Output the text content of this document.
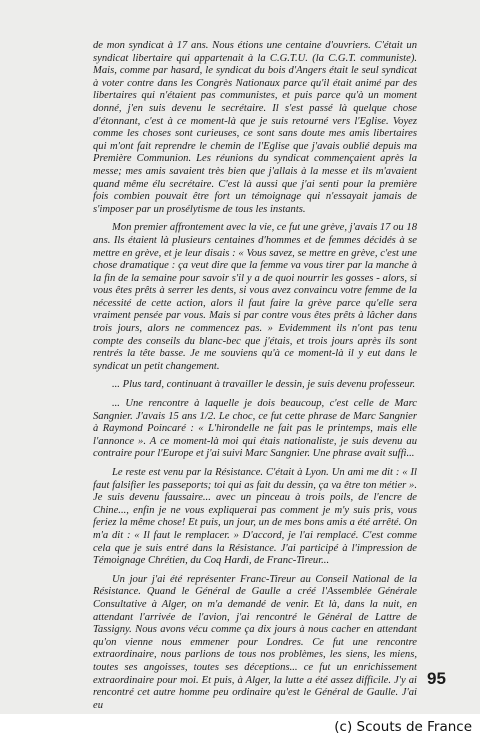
de mon syndicat à 17 ans. Nous étions une centaine d'ouvriers. C'était un syndicat libertaire qui appartenait à la C.G.T.U. (la C.G.T. communiste). Mais, comme par hasard, le syndicat du bois d'Angers était le seul syndicat à voter contre dans les Congrès Nationaux parce qu'il était animé par des libertaires qui n'étaient pas communistes, et puis parce qu'à un moment donné, j'en suis devenu le secrétaire. Il s'est passé là quelque chose d'étonnant, c'est à ce moment-là que je suis retourné vers l'Eglise. Voyez comme les choses sont curieuses, ce sont sans doute mes amis libertaires qui m'ont fait reprendre le chemin de l'Eglise que j'avais oublié depuis ma Première Communion. Les réunions du syndicat commençaient après la messe; mes amis savaient très bien que j'allais à la messe et ils m'avaient quand même élu secrétaire. C'est là aussi que j'ai senti pour la première fois combien pouvait être fort un témoignage qui n'essayait jamais de s'imposer par un prosélytisme de tous les instants.

Mon premier affrontement avec la vie, ce fut une grève, j'avais 17 ou 18 ans. Ils étaient là plusieurs centaines d'hommes et de femmes décidés à se mettre en grève, et je leur disais : « Vous savez, se mettre en grève, c'est une chose dramatique : ça veut dire que la femme va vous tirer par la manche à la fin de la semaine pour savoir s'il y a de quoi nourrir les gosses - alors, si vous êtes prêts à serrer les dents, si vous avez convaincu votre femme de la nécessité de cette action, alors il faut faire la grève parce qu'elle sera vraiment pensée par vous. Mais si par contre vous êtes prêts à lâcher dans trois jours, alors ne commencez pas. » Evidemment ils n'ont pas tenu compte des conseils du blanc-bec que j'étais, et trois jours après ils sont rentrés la tête basse. Je me souviens qu'à ce moment-là il y eut dans le syndicat un petit changement.

... Plus tard, continuant à travailler le dessin, je suis devenu professeur.

... Une rencontre à laquelle je dois beaucoup, c'est celle de Marc Sangnier. J'avais 15 ans 1/2. Le choc, ce fut cette phrase de Marc Sangnier à Raymond Poincaré : « L'hirondelle ne fait pas le printemps, mais elle l'annonce ». A ce moment-là moi qui étais nationaliste, je suis devenu au contraire pour l'Europe et j'ai suivi Marc Sangnier. Une phrase avait suffi...

Le reste est venu par la Résistance. C'était à Lyon. Un ami me dit : « Il faut falsifier les passeports; toi qui as fait du dessin, ça va être ton métier ». Je suis devenu faussaire... avec un pinceau à trois poils, de l'encre de Chine..., enfin je ne vous expliquerai pas comment je m'y suis pris, vous feriez la même chose! Et puis, un jour, un de mes bons amis a été arrêté. On m'a dit : « Il faut le remplacer. » D'accord, je l'ai remplacé. C'est comme cela que je suis entré dans la Résistance. J'ai participé à l'impression de Témoignage Chrétien, du Coq Hardi, de Franc-Tireur...

Un jour j'ai été représenter Franc-Tireur au Conseil National de la Résistance. Quand le Général de Gaulle a créé l'Assemblée Générale Consultative à Alger, on m'a demandé de venir. Et là, dans la nuit, en attendant l'arrivée de l'avion, j'ai rencontré le Général de Lattre de Tassigny. Nous avons vécu comme ça dix jours à nous cacher en attendant qu'on vienne nous emmener pour Londres. Ce fut une rencontre extraordinaire, nous parlions de tous nos problèmes, les siens, les miens, toutes ses angoisses, toutes ses déceptions... ce fut un enrichissement extraordinaire pour moi. Et puis, à Alger, la lutte a été assez difficile. J'y ai rencontré cet autre homme peu ordinaire qu'est le Général de Gaulle. J'ai eu

95
(c) Scouts de France
